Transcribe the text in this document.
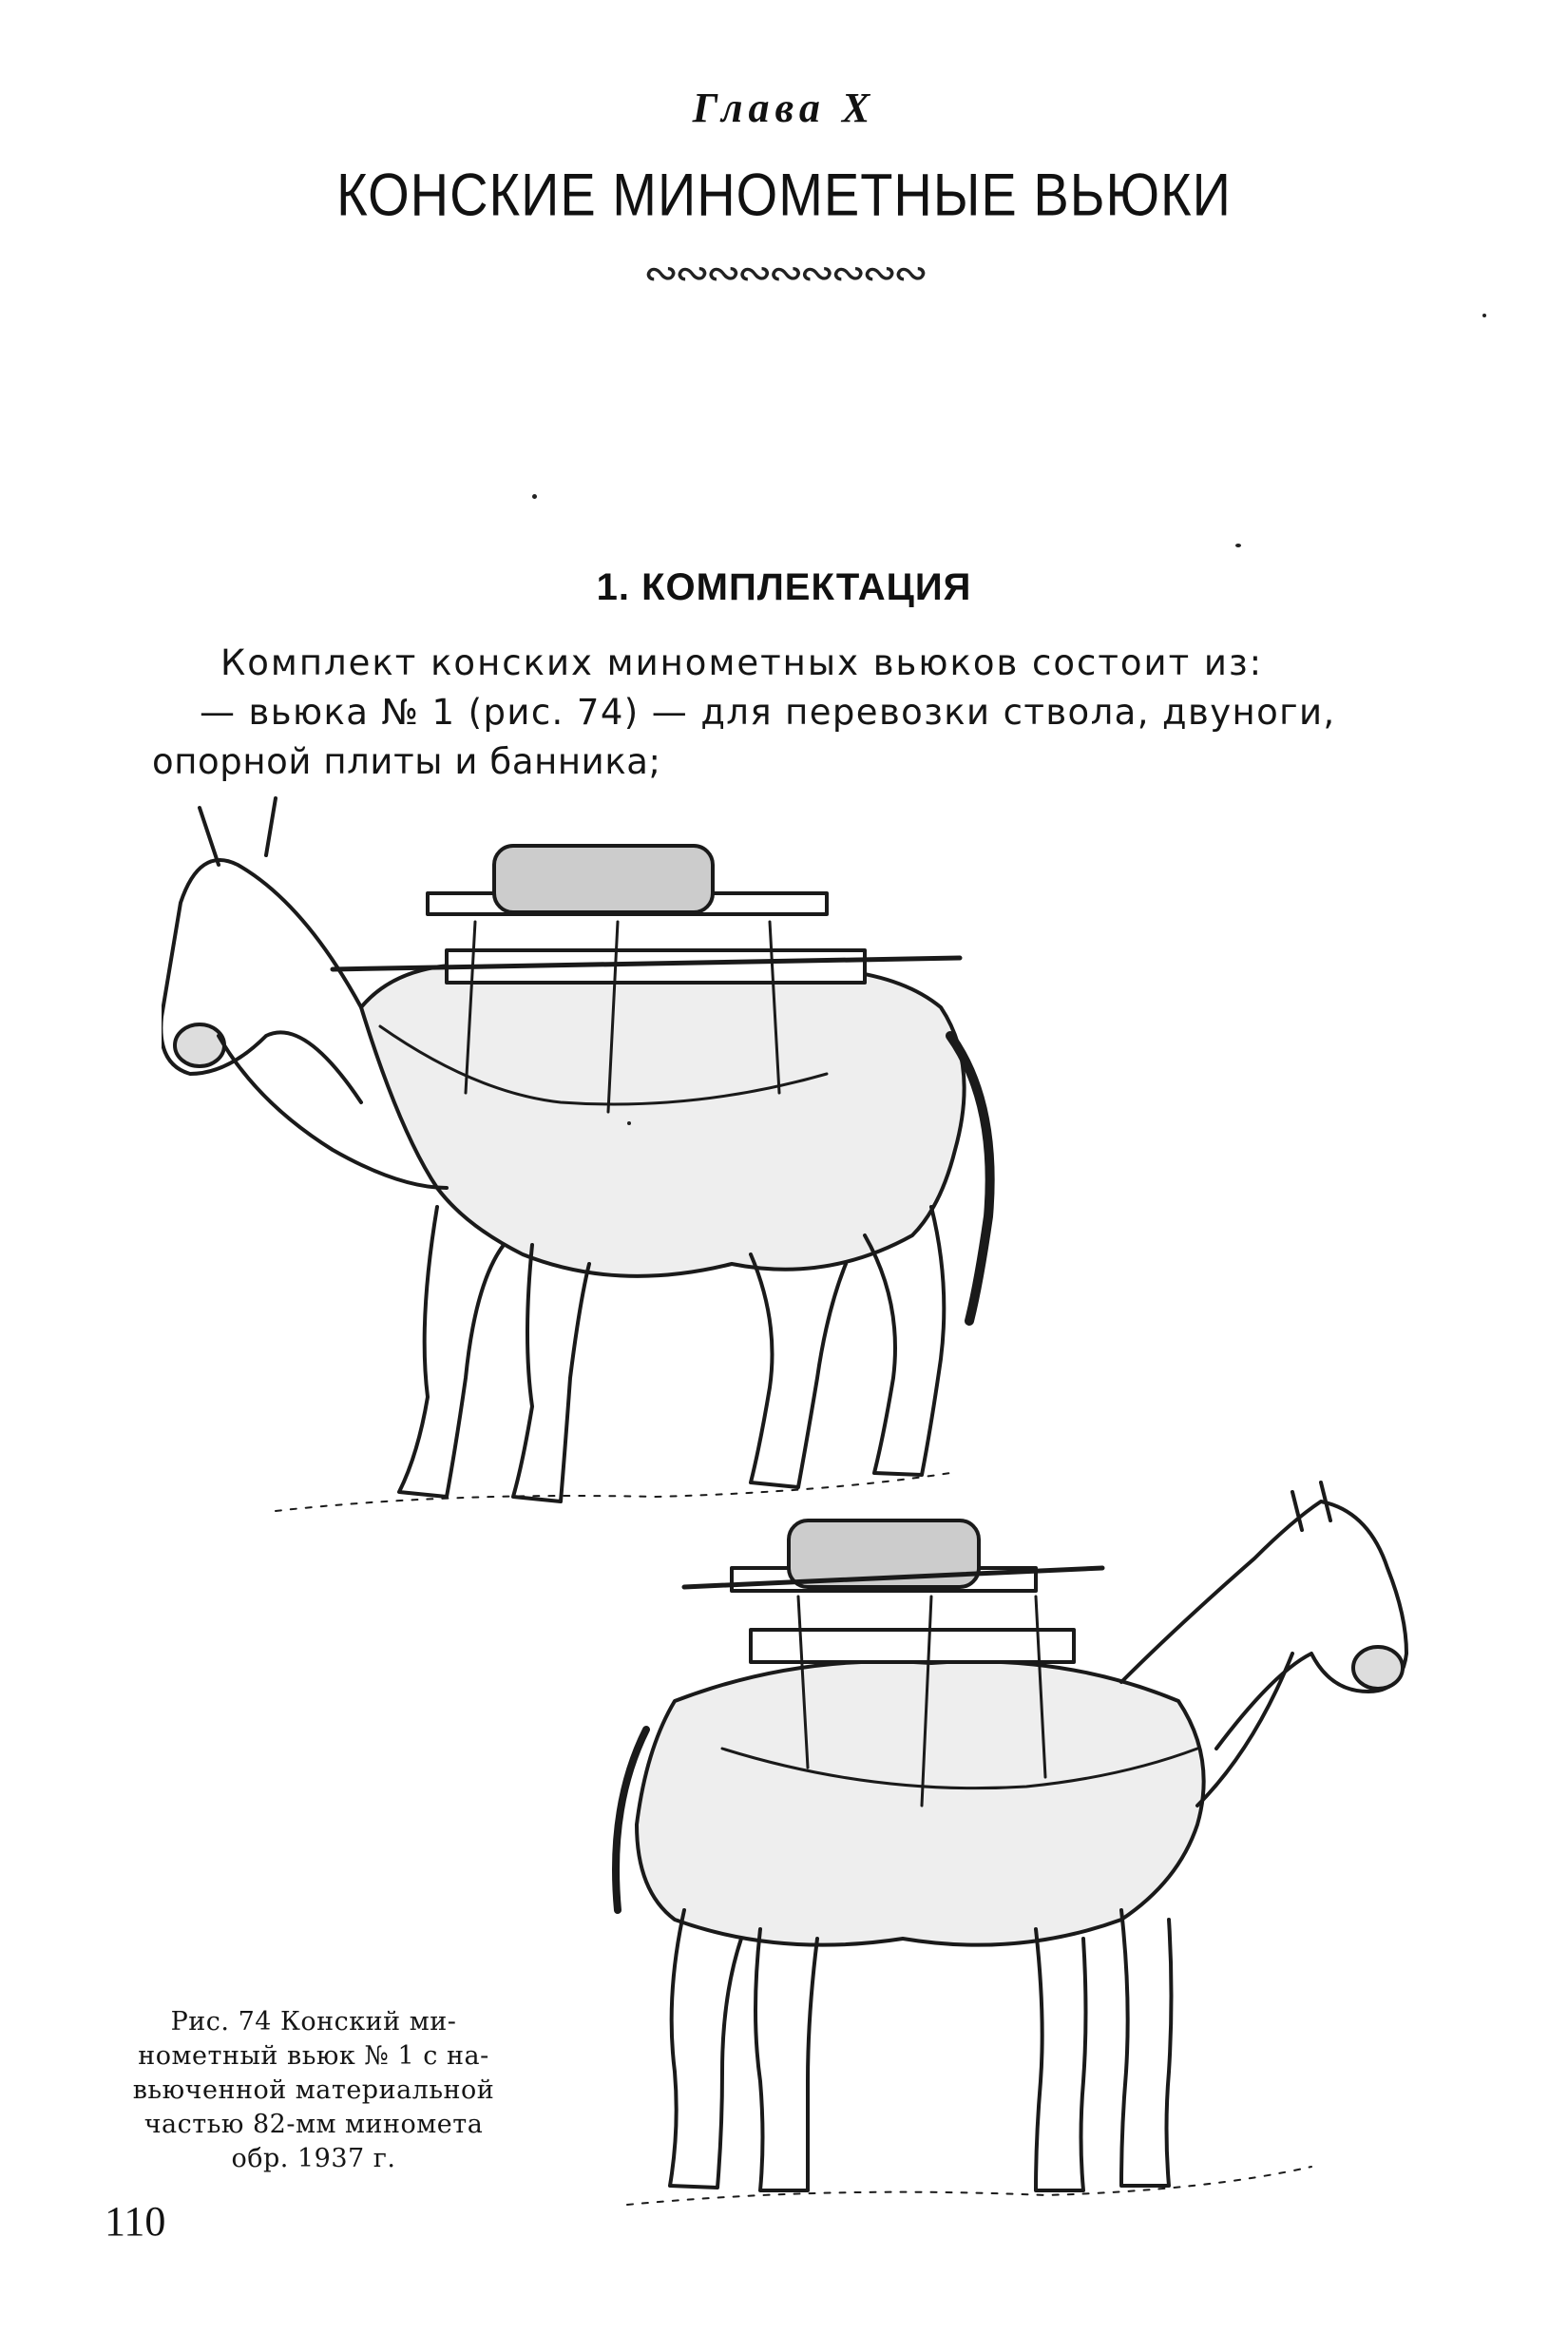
Глава X
КОНСКИЕ МИНОМЕТНЫЕ ВЬЮКИ
∾∾∾∾∾∾∾∾∾
1. КОМПЛЕКТАЦИЯ
Комплект конских минометных вьюков состоит из:
— вьюка № 1 (рис. 74) — для перевозки ствола, двуноги,
опорной плиты и банника;
Рис. 74 Конский ми-
нометный вьюк № 1 с на-
вьюченной материальной
частью 82-мм миномета
обр. 1937 г.
110
